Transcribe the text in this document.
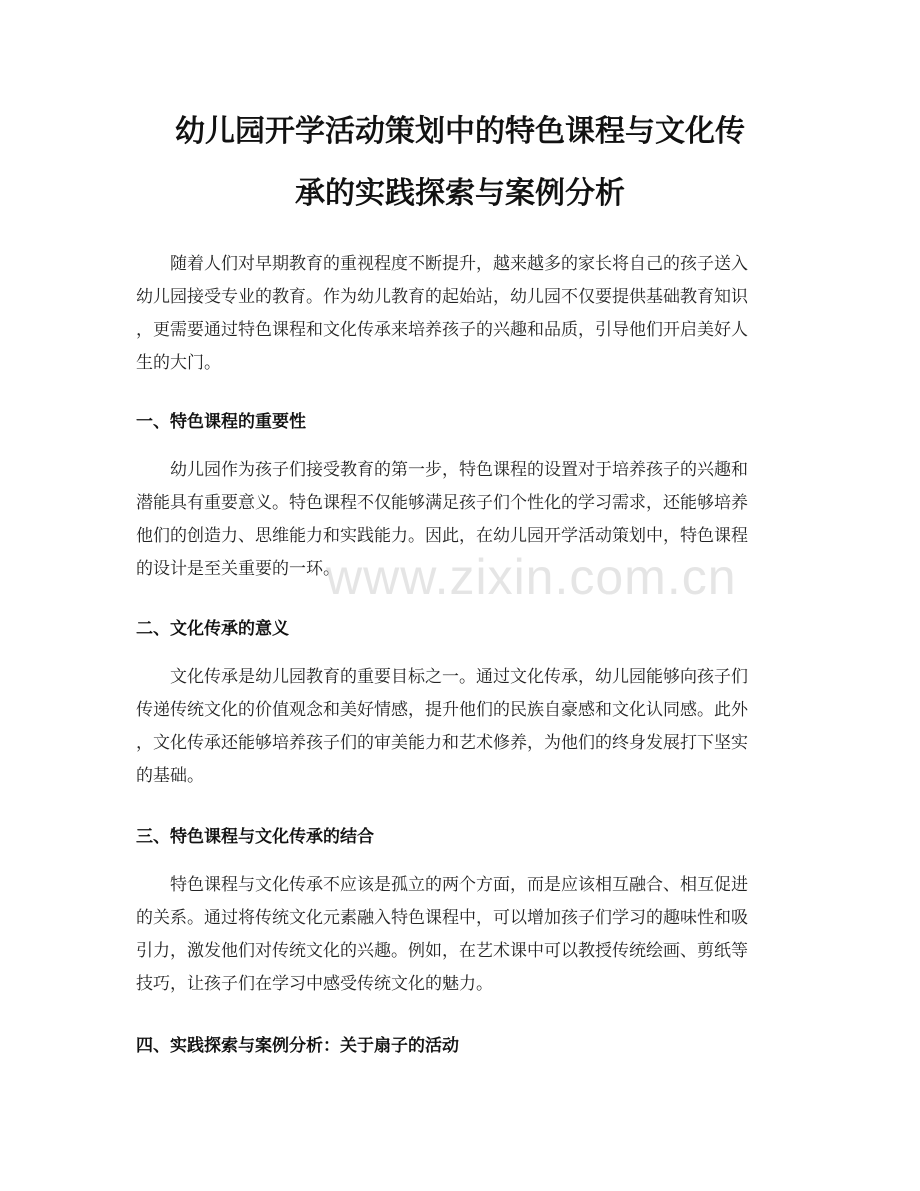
幼儿园开学活动策划中的特色课程与文化传
承的实践探索与案例分析

随着人们对早期教育的重视程度不断提升，越来越多的家长将自己的孩子送入
幼儿园接受专业的教育。作为幼儿教育的起始站，幼儿园不仅要提供基础教育知识
，更需要通过特色课程和文化传承来培养孩子的兴趣和品质，引导他们开启美好人
生的大门。

一、特色课程的重要性

幼儿园作为孩子们接受教育的第一步，特色课程的设置对于培养孩子的兴趣和
潜能具有重要意义。特色课程不仅能够满足孩子们个性化的学习需求，还能够培养
他们的创造力、思维能力和实践能力。因此，在幼儿园开学活动策划中，特色课程
的设计是至关重要的一环。

二、文化传承的意义

文化传承是幼儿园教育的重要目标之一。通过文化传承，幼儿园能够向孩子们
传递传统文化的价值观念和美好情感，提升他们的民族自豪感和文化认同感。此外
，文化传承还能够培养孩子们的审美能力和艺术修养，为他们的终身发展打下坚实
的基础。

三、特色课程与文化传承的结合

特色课程与文化传承不应该是孤立的两个方面，而是应该相互融合、相互促进
的关系。通过将传统文化元素融入特色课程中，可以增加孩子们学习的趣味性和吸
引力，激发他们对传统文化的兴趣。例如，在艺术课中可以教授传统绘画、剪纸等
技巧，让孩子们在学习中感受传统文化的魅力。

四、实践探索与案例分析：关于扇子的活动
www.zixin.com.cn
